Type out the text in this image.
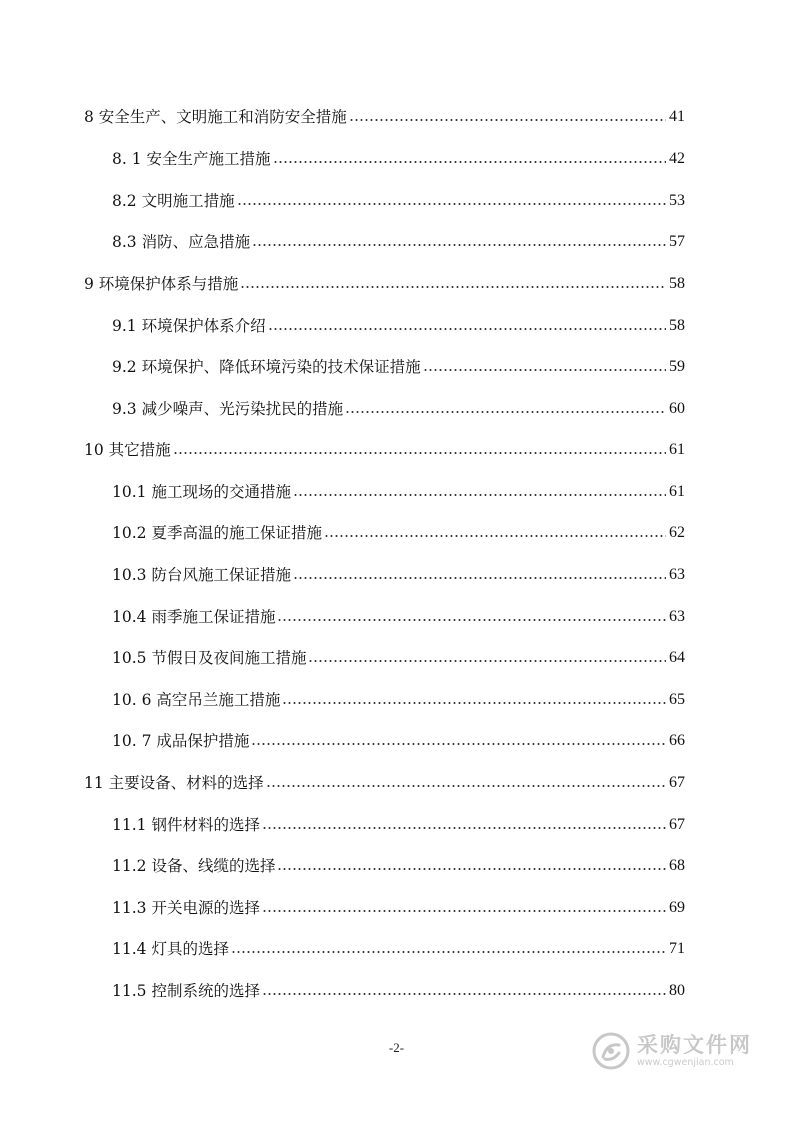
8 安全生产、文明施工和消防安全措施	41
8. 1 安全生产施工措施	42
8.2 文明施工措施	53
8.3 消防、应急措施	57
9 环境保护体系与措施	58
9.1 环境保护体系介绍	58
9.2 环境保护、降低环境污染的技术保证措施	59
9.3 减少噪声、光污染扰民的措施	60
10 其它措施	61
10.1 施工现场的交通措施	61
10.2 夏季高温的施工保证措施	62
10.3 防台风施工保证措施	63
10.4 雨季施工保证措施	63
10.5 节假日及夜间施工措施	64
10. 6 高空吊兰施工措施	65
10. 7 成品保护措施	66
11 主要设备、材料的选择	67
11.1 钢件材料的选择	67
11.2 设备、线缆的选择	68
11.3 开关电源的选择	69
11.4 灯具的选择	71
11.5 控制系统的选择	80
-2-	采购文件网
www.cgwenjian.com
